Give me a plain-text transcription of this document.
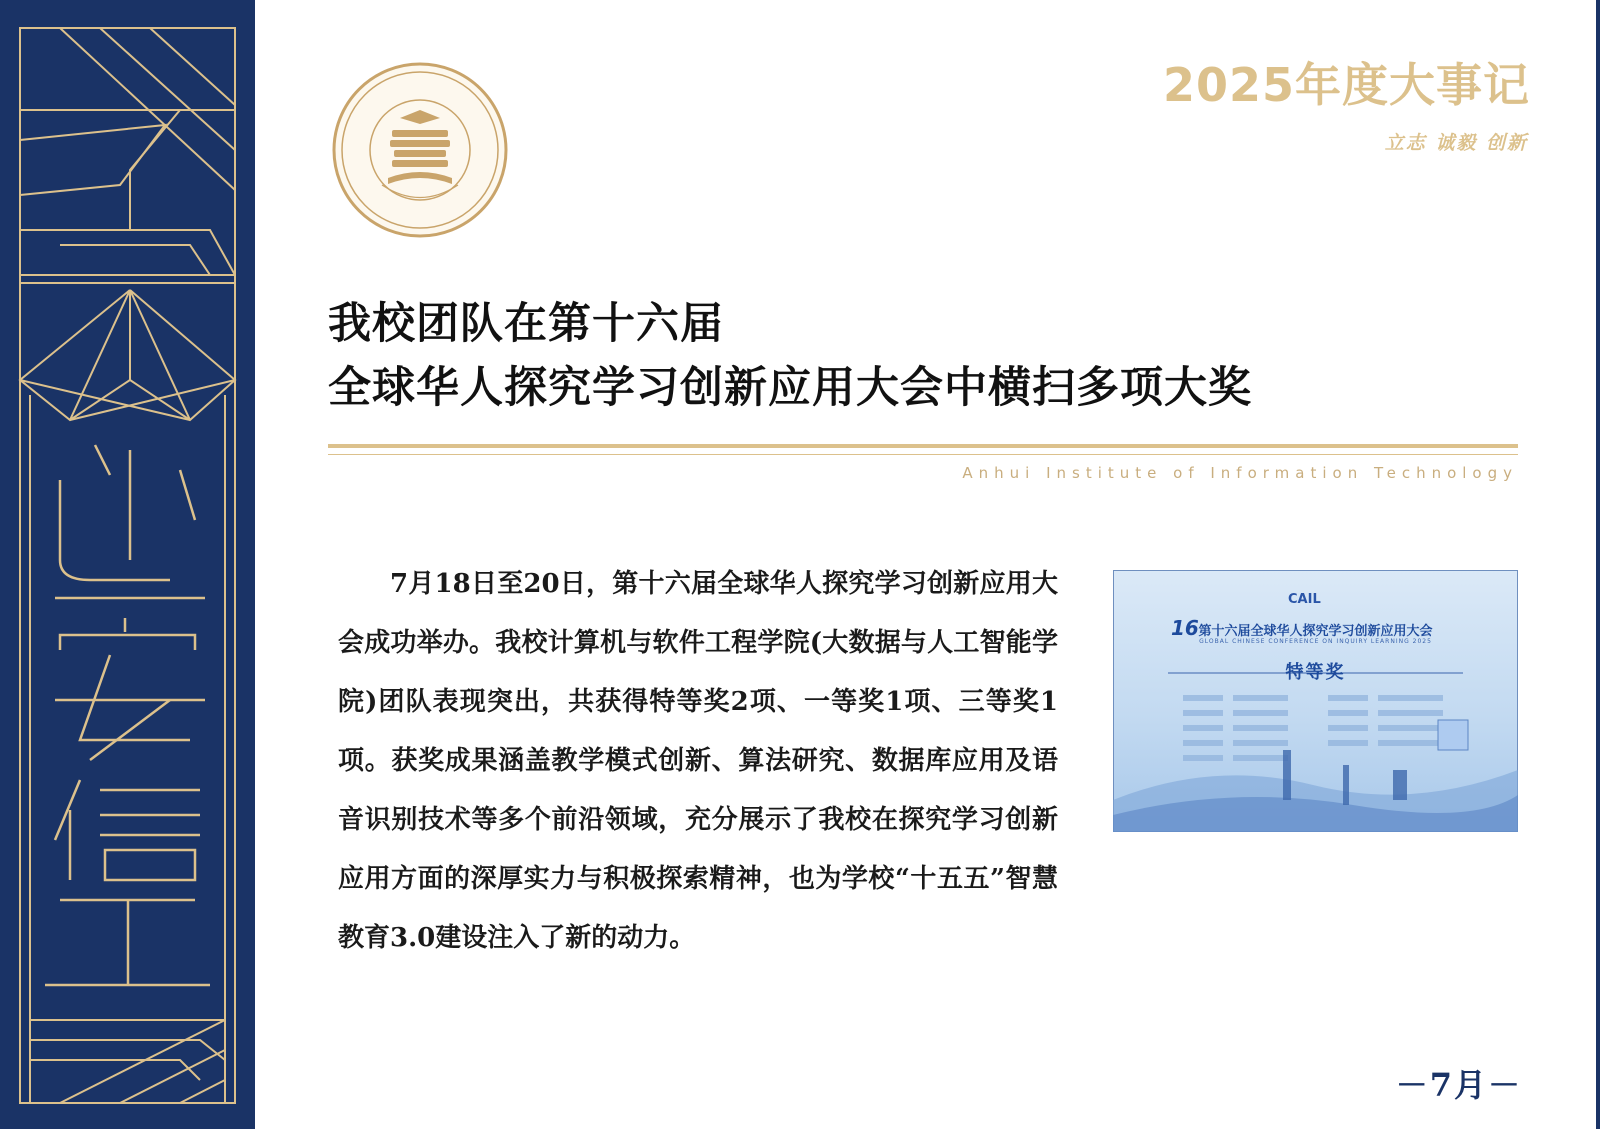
2025年度大事记

立志 诚毅 创新

我校团队在第十六届
全球华人探究学习创新应用大会中横扫多项大奖

Anhui Institute of Information Technology

7月18日至20日，第十六届全球华人探究学习创新应用大会成功举办。我校计算机与软件工程学院(大数据与人工智能学院)团队表现突出，共获得特等奖2项、一等奖1项、三等奖1项。获奖成果涵盖教学模式创新、算法研究、数据库应用及语音识别技术等多个前沿领域，充分展示了我校在探究学习创新应用方面的深厚实力与积极探索精神，也为学校“十五五”智慧教育3.0建设注入了新的动力。

CAIL

16 第十六届全球华人探究学习创新应用大会

GLOBAL CHINESE CONFERENCE ON INQUIRY LEARNING 2025

特等奖

－7月－
